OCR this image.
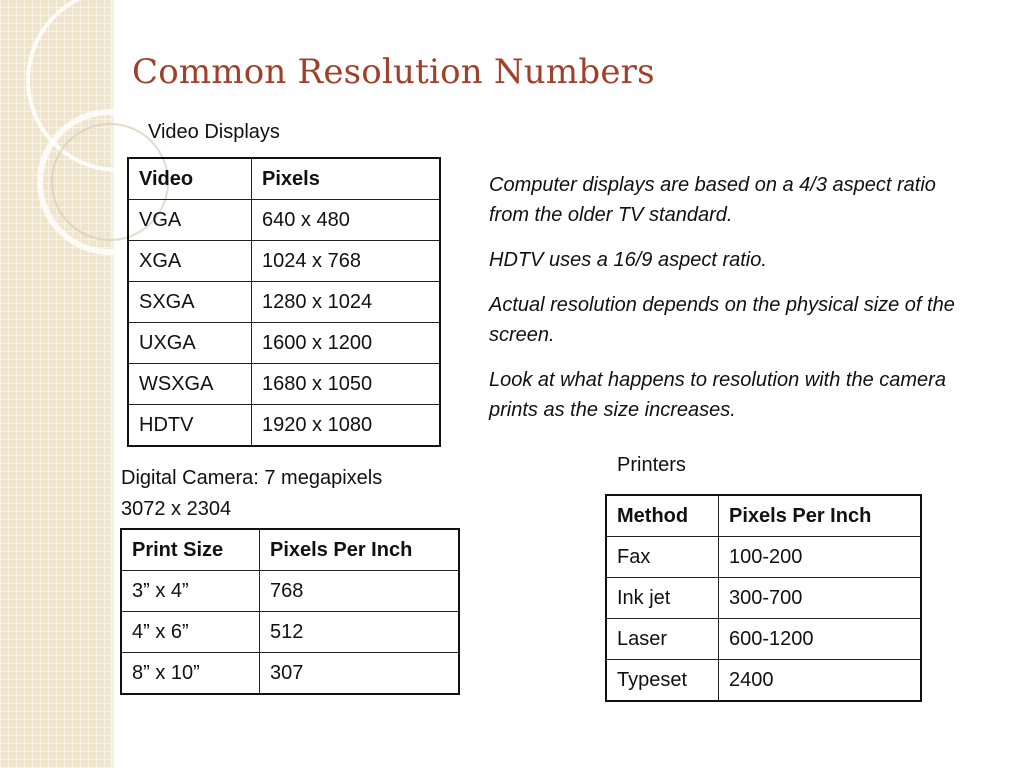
Common Resolution Numbers
Video Displays
Video	Pixels
VGA	640 x 480
XGA	1024 x 768
SXGA	1280 x 1024
UXGA	1600 x 1200
WSXGA	1680 x 1050
HDTV	1920 x 1080

Computer displays are based on a 4/3 aspect ratio from the older TV standard.

HDTV uses a 16/9 aspect ratio.

Actual resolution depends on the physical size of the screen.

Look at what happens to resolution with the camera prints as the size increases.

Digital Camera: 7 megapixels
3072 x 2304
Print Size	Pixels Per Inch
3” x 4”	768
4” x 6”	512
8” x 10”	307
Printers
Method	Pixels Per Inch
Fax	100-200
Ink jet	300-700
Laser	600-1200
Typeset	2400
